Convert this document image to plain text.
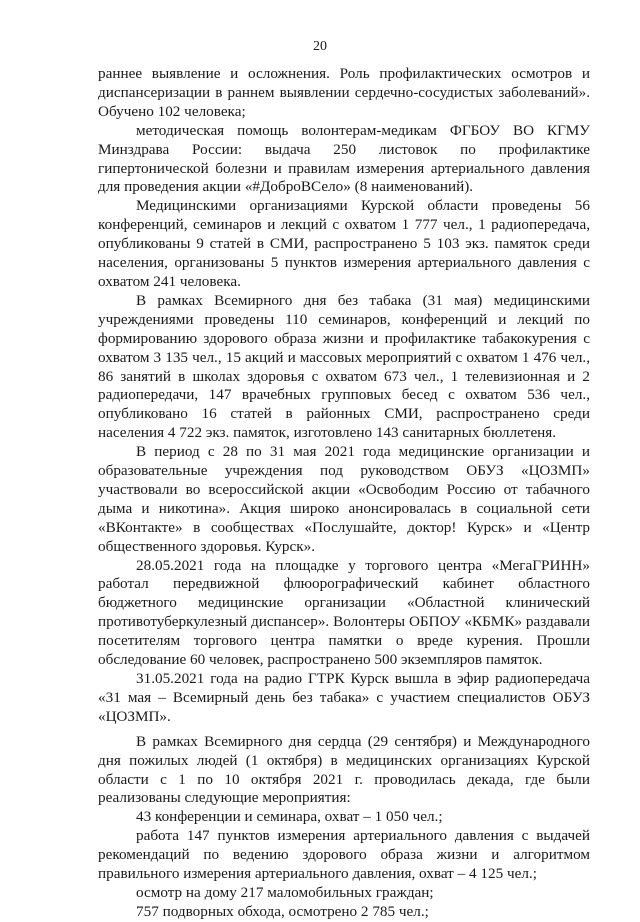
20

раннее выявление и осложнения. Роль профилактических осмотров и диспансеризации в раннем выявлении сердечно-сосудистых заболеваний». Обучено 102 человека;

методическая помощь волонтерам-медикам ФГБОУ ВО КГМУ Минздрава России: выдача 250 листовок по профилактике гипертонической болезни и правилам измерения артериального давления для проведения акции «#ДоброВСело» (8 наименований).

Медицинскими организациями Курской области проведены 56 конференций, семинаров и лекций с охватом 1 777 чел., 1 радиопередача, опубликованы 9 статей в СМИ, распространено 5 103 экз. памяток среди населения, организованы 5 пунктов измерения артериального давления с охватом 241 человека.

В рамках Всемирного дня без табака (31 мая) медицинскими учреждениями проведены 110 семинаров, конференций и лекций по формированию здорового образа жизни и профилактике табакокурения с охватом 3 135 чел., 15 акций и массовых мероприятий с охватом 1 476 чел., 86 занятий в школах здоровья с охватом 673 чел., 1 телевизионная и 2 радиопередачи, 147 врачебных групповых бесед с охватом 536 чел., опубликовано 16 статей в районных СМИ, распространено среди населения 4 722 экз. памяток, изготовлено 143 санитарных бюллетеня.

В период с 28 по 31 мая 2021 года медицинские организации и образовательные учреждения под руководством ОБУЗ «ЦОЗМП» участвовали во всероссийской акции «Освободим Россию от табачного дыма и никотина». Акция широко анонсировалась в социальной сети «ВКонтакте» в сообществах «Послушайте, доктор! Курск» и «Центр общественного здоровья. Курск».

28.05.2021 года на площадке у торгового центра «МегаГРИНН» работал передвижной флюорографический кабинет областного бюджетного медицинские организации «Областной клинический противотуберкулезный диспансер». Волонтеры ОБПОУ «КБМК» раздавали посетителям торгового центра памятки о вреде курения. Прошли обследование 60 человек, распространено 500 экземпляров памяток.

31.05.2021 года на радио ГТРК Курск вышла в эфир радиопередача «31 мая – Всемирный день без табака» с участием специалистов ОБУЗ «ЦОЗМП».

В рамках Всемирного дня сердца (29 сентября) и Международного дня пожилых людей (1 октября) в медицинских организациях Курской области с 1 по 10 октября 2021 г. проводилась декада, где были реализованы следующие мероприятия:

43 конференции и семинара, охват – 1 050 чел.;

работа 147 пунктов измерения артериального давления с выдачей рекомендаций по ведению здорового образа жизни и алгоритмом правильного измерения артериального давления, охват – 4 125 чел.;

осмотр на дому 217 маломобильных граждан;

757 подворных обхода, осмотрено 2 785 чел.;
